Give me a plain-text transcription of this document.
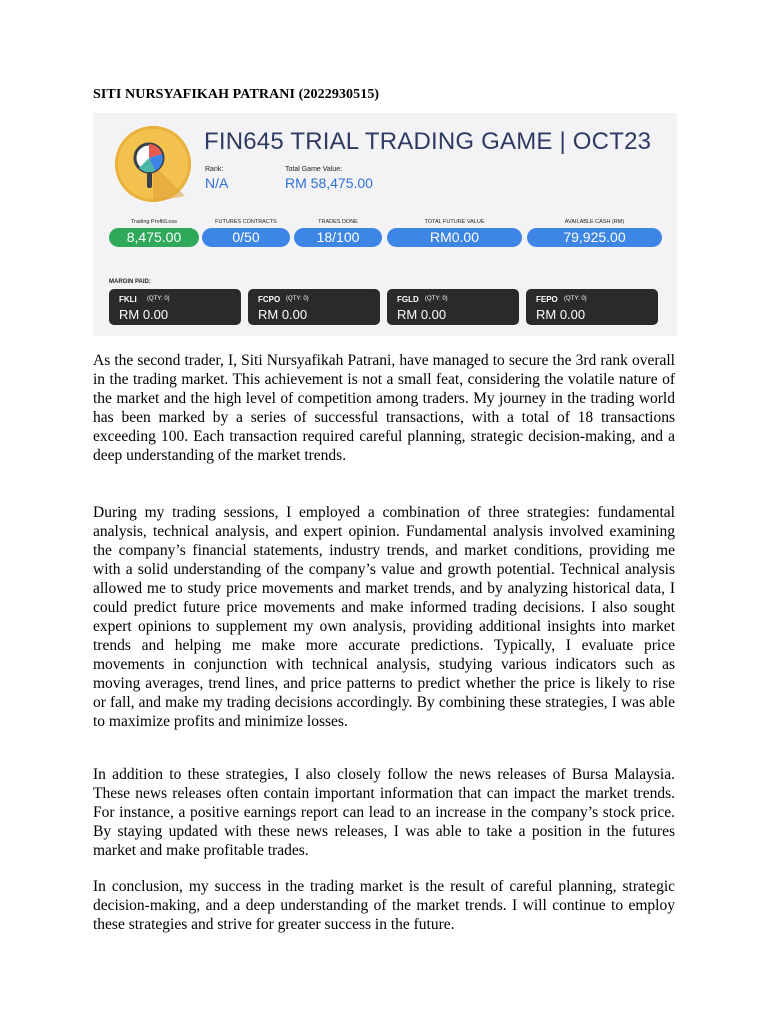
SITI NURSYAFIKAH PATRANI (2022930515)
FIN645 TRIAL TRADING GAME | OCT23
Rank:
N/A
Total Game Value:
RM 58,475.00
Trading Profit/Loss
8,475.00
FUTURES CONTRACTS
0/50
TRADES DONE
18/100
TOTAL FUTURE VALUE
RM0.00
AVAILABLE CASH (RM)
79,925.00
MARGIN PAID:
FKLI (QTY: 0)
RM 0.00
FCPO (QTY: 0)
RM 0.00
FGLD (QTY: 0)
RM 0.00
FEPO (QTY: 0)
RM 0.00

As the second trader, I, Siti Nursyafikah Patrani, have managed to secure the 3rd rank overall in the trading market. This achievement is not a small feat, considering the volatile nature of the market and the high level of competition among traders. My journey in the trading world has been marked by a series of successful transactions, with a total of 18 transactions exceeding 100. Each transaction required careful planning, strategic decision-making, and a deep understanding of the market trends.

During my trading sessions, I employed a combination of three strategies: fundamental analysis, technical analysis, and expert opinion. Fundamental analysis involved examining the company’s financial statements, industry trends, and market conditions, providing me with a solid understanding of the company’s value and growth potential. Technical analysis allowed me to study price movements and market trends, and by analyzing historical data, I could predict future price movements and make informed trading decisions. I also sought expert opinions to supplement my own analysis, providing additional insights into market trends and helping me make more accurate predictions. Typically, I evaluate price movements in conjunction with technical analysis, studying various indicators such as moving averages, trend lines, and price patterns to predict whether the price is likely to rise or fall, and make my trading decisions accordingly. By combining these strategies, I was able to maximize profits and minimize losses.

In addition to these strategies, I also closely follow the news releases of Bursa Malaysia. These news releases often contain important information that can impact the market trends. For instance, a positive earnings report can lead to an increase in the company’s stock price. By staying updated with these news releases, I was able to take a position in the futures market and make profitable trades.

In conclusion, my success in the trading market is the result of careful planning, strategic decision-making, and a deep understanding of the market trends. I will continue to employ these strategies and strive for greater success in the future.
